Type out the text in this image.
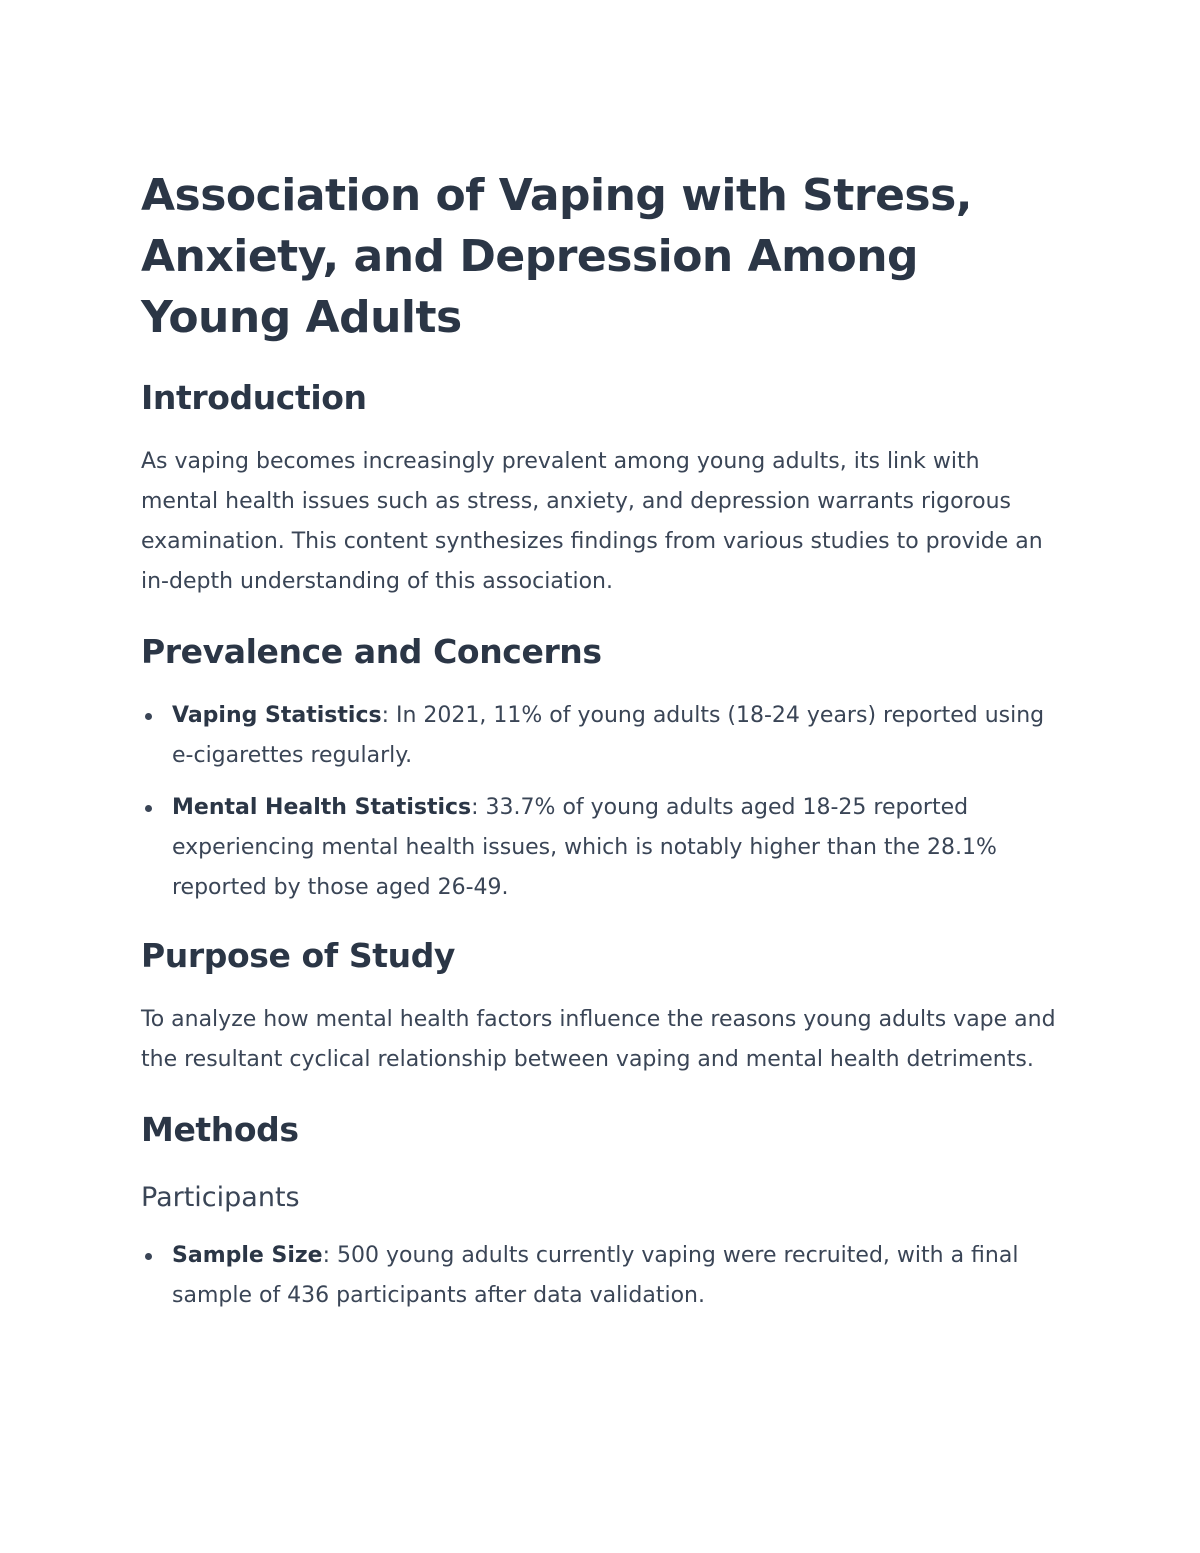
Association of Vaping with Stress, Anxiety, and Depression Among Young Adults
Introduction

As vaping becomes increasingly prevalent among young adults, its link with mental health issues such as stress, anxiety, and depression warrants rigorous examination. This content synthesizes findings from various studies to provide an in-depth understanding of this association.

Prevalence and Concerns
Vaping Statistics: In 2021, 11% of young adults (18-24 years) reported using e-cigarettes regularly.
Mental Health Statistics: 33.7% of young adults aged 18-25 reported experiencing mental health issues, which is notably higher than the 28.1% reported by those aged 26-49.
Purpose of Study

To analyze how mental health factors influence the reasons young adults vape and the resultant cyclical relationship between vaping and mental health detriments.

Methods
Participants
Sample Size: 500 young adults currently vaping were recruited, with a final sample of 436 participants after data validation.
